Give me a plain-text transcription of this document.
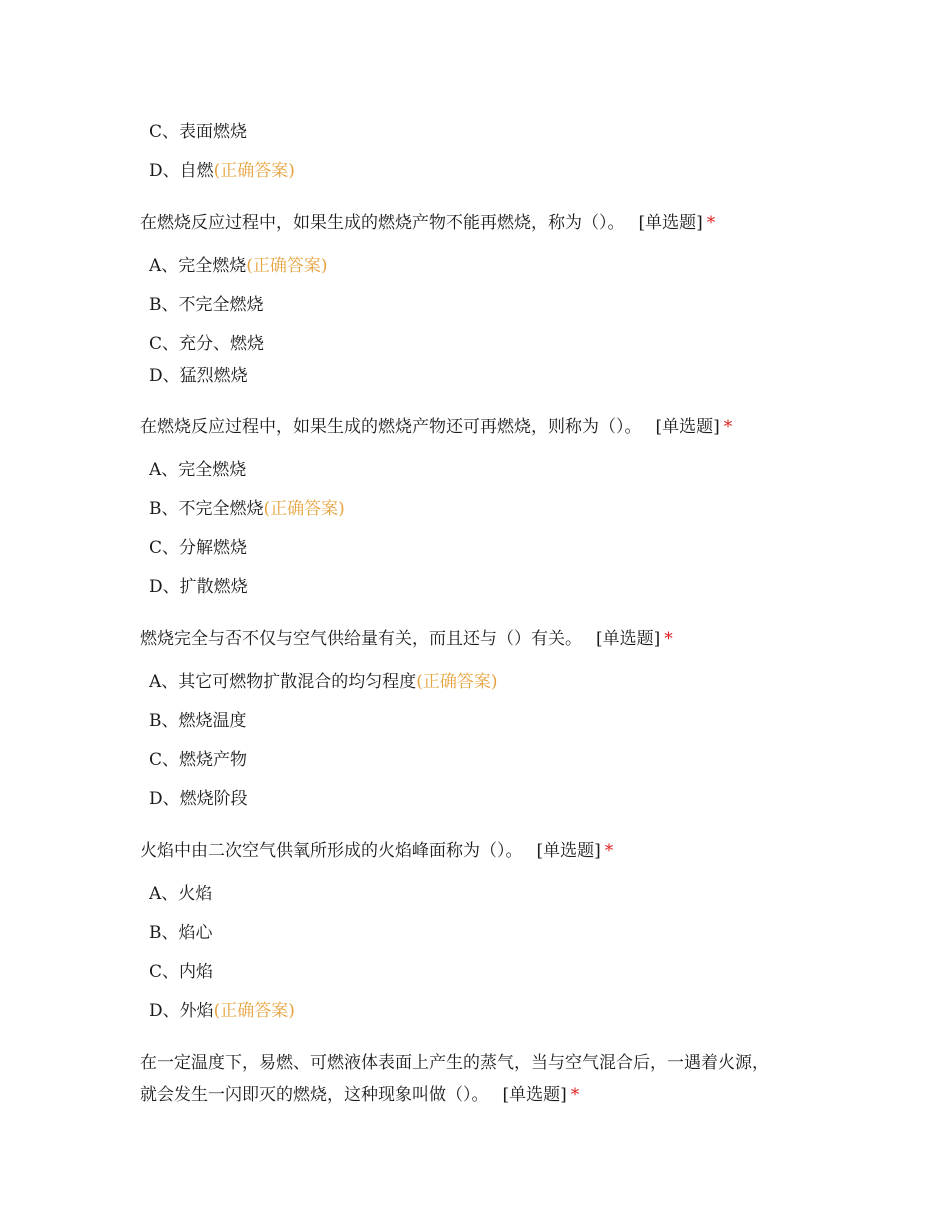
C、表面燃烧
D、自燃(正确答案)
在燃烧反应过程中，如果生成的燃烧产物不能再燃烧，称为（）。 [单选题] *
A、完全燃烧(正确答案)
B、不完全燃烧
C、充分、燃烧
D、猛烈燃烧
在燃烧反应过程中，如果生成的燃烧产物还可再燃烧，则称为（）。 [单选题] *
A、完全燃烧
B、不完全燃烧(正确答案)
C、分解燃烧
D、扩散燃烧
燃烧完全与否不仅与空气供给量有关，而且还与（）有关。 [单选题] *
A、其它可燃物扩散混合的均匀程度(正确答案)
B、燃烧温度
C、燃烧产物
D、燃烧阶段
火焰中由二次空气供氧所形成的火焰峰面称为（）。 [单选题] *
A、火焰
B、焰心
C、内焰
D、外焰(正确答案)
在一定温度下，易燃、可燃液体表面上产生的蒸气，当与空气混合后，一遇着火源，
就会发生一闪即灭的燃烧，这种现象叫做（）。 [单选题] *
